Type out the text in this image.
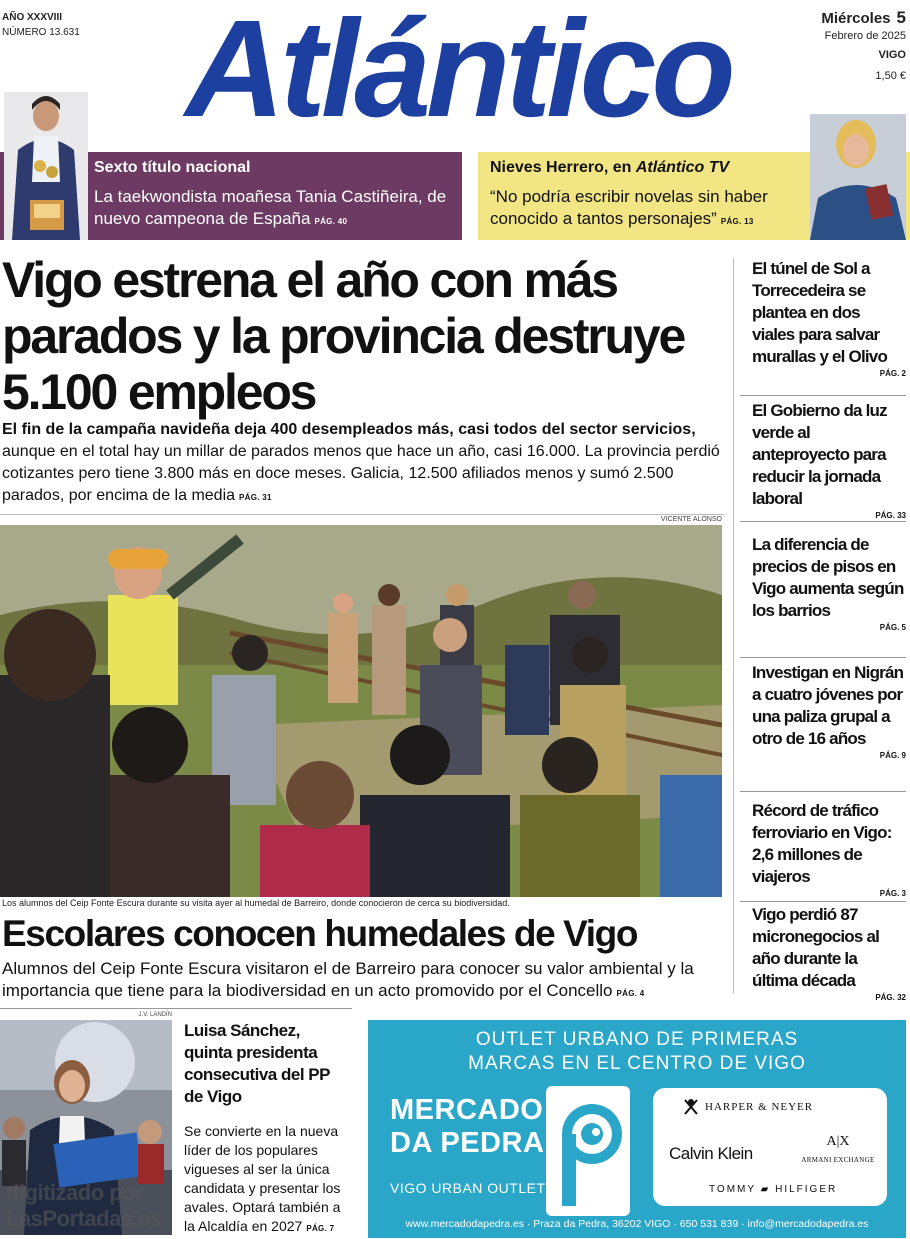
AÑO XXXVIII
NÚMERO 13.631 Atlántico	Miércoles 5
Febrero de 2025
VIGO
1,50 €
Sexto título nacional
La taekwondista moañesa Tania Castiñeira, de nuevo campeona de España PÁG. 40
Nieves Herrero, en Atlántico TV
“No podría escribir novelas sin haber conocido a tantos personajes” PÁG. 13
Vigo estrena el año con más parados y la provincia destruye 5.100 empleos

El fin de la campaña navideña deja 400 desempleados más, casi todos del sector servicios, aunque en el total hay un millar de parados menos que hace un año, casi 16.000. La provincia perdió cotizantes pero tiene 3.800 más en doce meses. Galicia, 12.500 afiliados menos y sumó 2.500 parados, por encima de la media PÁG. 31

VICENTE ALONSO
Los alumnos del Ceip Fonte Escura durante su visita ayer al humedal de Barreiro, donde conocieron de cerca su biodiversidad.
Escolares conocen humedales de Vigo

Alumnos del Ceip Fonte Escura visitaron el de Barreiro para conocer su valor ambiental y la importancia que tiene para la biodiversidad en un acto promovido por el Concello PÁG. 4

El túnel de Sol a Torrecedeira se plantea en dos viales para salvar murallas y el Olivo
PÁG. 2
El Gobierno da luz verde al anteproyecto para reducir la jornada laboral
PÁG. 33
La diferencia de precios de pisos en Vigo aumenta según los barrios
PÁG. 5
Investigan en Nigrán a cuatro jóvenes por una paliza grupal a otro de 16 años
PÁG. 9
Récord de tráfico ferroviario en Vigo: 2,6 millones de viajeros
PÁG. 3
Vigo perdió 87 micronegocios al año durante la última década
PÁG. 32
J.V. LANDÍN
Luisa Sánchez, quinta presidenta consecutiva del PP de Vigo

Se convierte en la nueva líder de los populares vigueses al ser la única candidata y presentar los avales. Optará también a la Alcaldía en 2027 PÁG. 7

OUTLET URBANO DE PRIMERAS
MARCAS EN EL CENTRO DE VIGO
MERCADO
DA PEDRA
VIGO URBAN OUTLET
HARPER & NEYER
Calvin Klein
A|X
ARMANI EXCHANGE
TOMMY ▰ HILFIGER
www.mercadodapedra.es · Praza da Pedra, 36202 VIGO · 650 531 839 · info@mercadodapedra.es
digitizado por
LasPortadas.es
